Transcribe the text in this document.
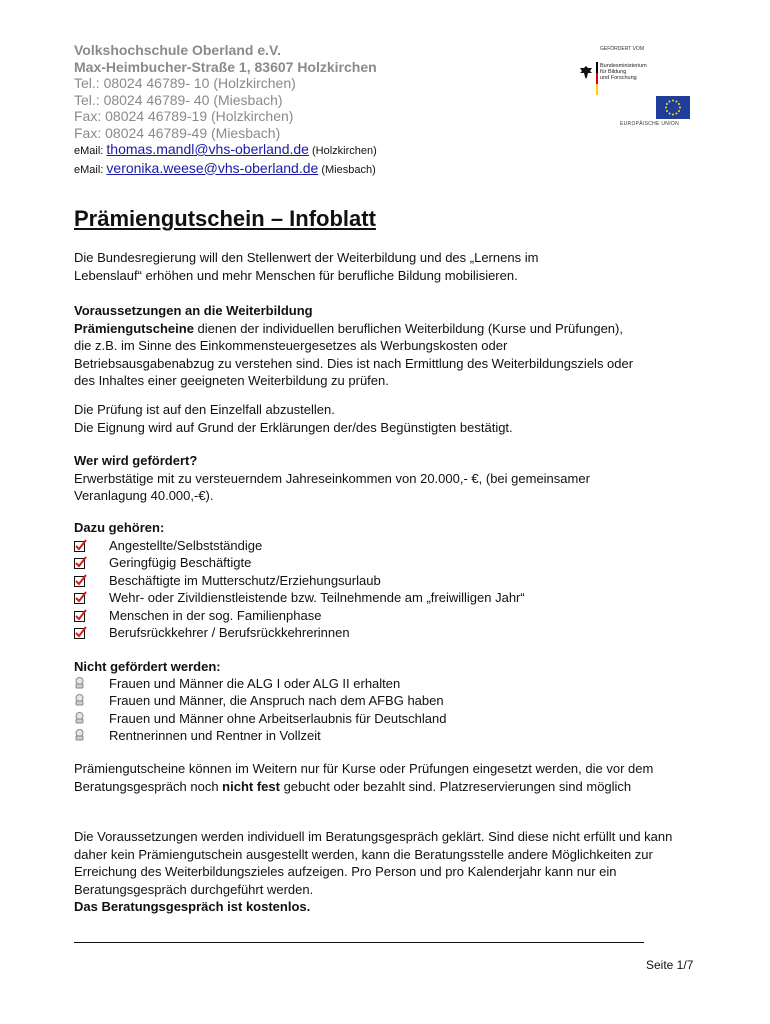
Volkshochschule Oberland e.V.
Max-Heimbucher-Straße 1, 83607 Holzkirchen
Tel.: 08024 46789- 10 (Holzkirchen)
Tel.: 08024 46789- 40 (Miesbach)
Fax: 08024 46789-19 (Holzkirchen)
Fax: 08024 46789-49 (Miesbach)
eMail: thomas.mandl@vhs-oberland.de (Holzkirchen)
eMail: veronika.weese@vhs-oberland.de (Miesbach)
GEFÖRDERT VOM
Bundesministerium
für Bildung
und Forschung
EUROPÄISCHE UNION
Prämiengutschein – Infoblatt
Die Bundesregierung will den Stellenwert der Weiterbildung und des „Lernens im Lebenslauf“ erhöhen und mehr Menschen für berufliche Bildung mobilisieren.
Voraussetzungen an die Weiterbildung
Prämiengutscheine dienen der individuellen beruflichen Weiterbildung (Kurse und Prüfungen), die z.B. im Sinne des Einkommensteuergesetzes als Werbungskosten oder Betriebsausgabenabzug zu verstehen sind. Dies ist nach Ermittlung des Weiterbildungsziels oder des Inhaltes einer geeigneten Weiterbildung zu prüfen.
Die Prüfung ist auf den Einzelfall abzustellen.
Die Eignung wird auf Grund der Erklärungen der/des Begünstigten bestätigt.
Wer wird gefördert?
Erwerbstätige mit zu versteuerndem Jahreseinkommen von 20.000,- €, (bei gemeinsamer Veranlagung 40.000,-€).
Dazu gehören:
Angestellte/Selbstständige
Geringfügig Beschäftigte
Beschäftigte im Mutterschutz/Erziehungsurlaub
Wehr- oder Zivildienstleistende bzw. Teilnehmende am „freiwilligen Jahr“
Menschen in der sog. Familienphase
Berufsrückkehrer / Berufsrückkehrerinnen
Nicht gefördert werden:
Frauen und Männer die ALG I oder ALG II erhalten
Frauen und Männer, die Anspruch nach dem AFBG haben
Frauen und Männer ohne Arbeitserlaubnis für Deutschland
Rentnerinnen und Rentner in Vollzeit
Prämiengutscheine können im Weitern nur für Kurse oder Prüfungen eingesetzt werden, die vor dem Beratungsgespräch noch nicht fest gebucht oder bezahlt sind. Platzreservierungen sind möglich
Die Voraussetzungen werden individuell im Beratungsgespräch geklärt. Sind diese nicht erfüllt und kann daher kein Prämiengutschein ausgestellt werden, kann die Beratungsstelle andere Möglichkeiten zur Erreichung des Weiterbildungszieles aufzeigen. Pro Person und pro Kalenderjahr kann nur ein Beratungsgespräch durchgeführt werden.
Das Beratungsgespräch ist kostenlos.
Seite 1/7
